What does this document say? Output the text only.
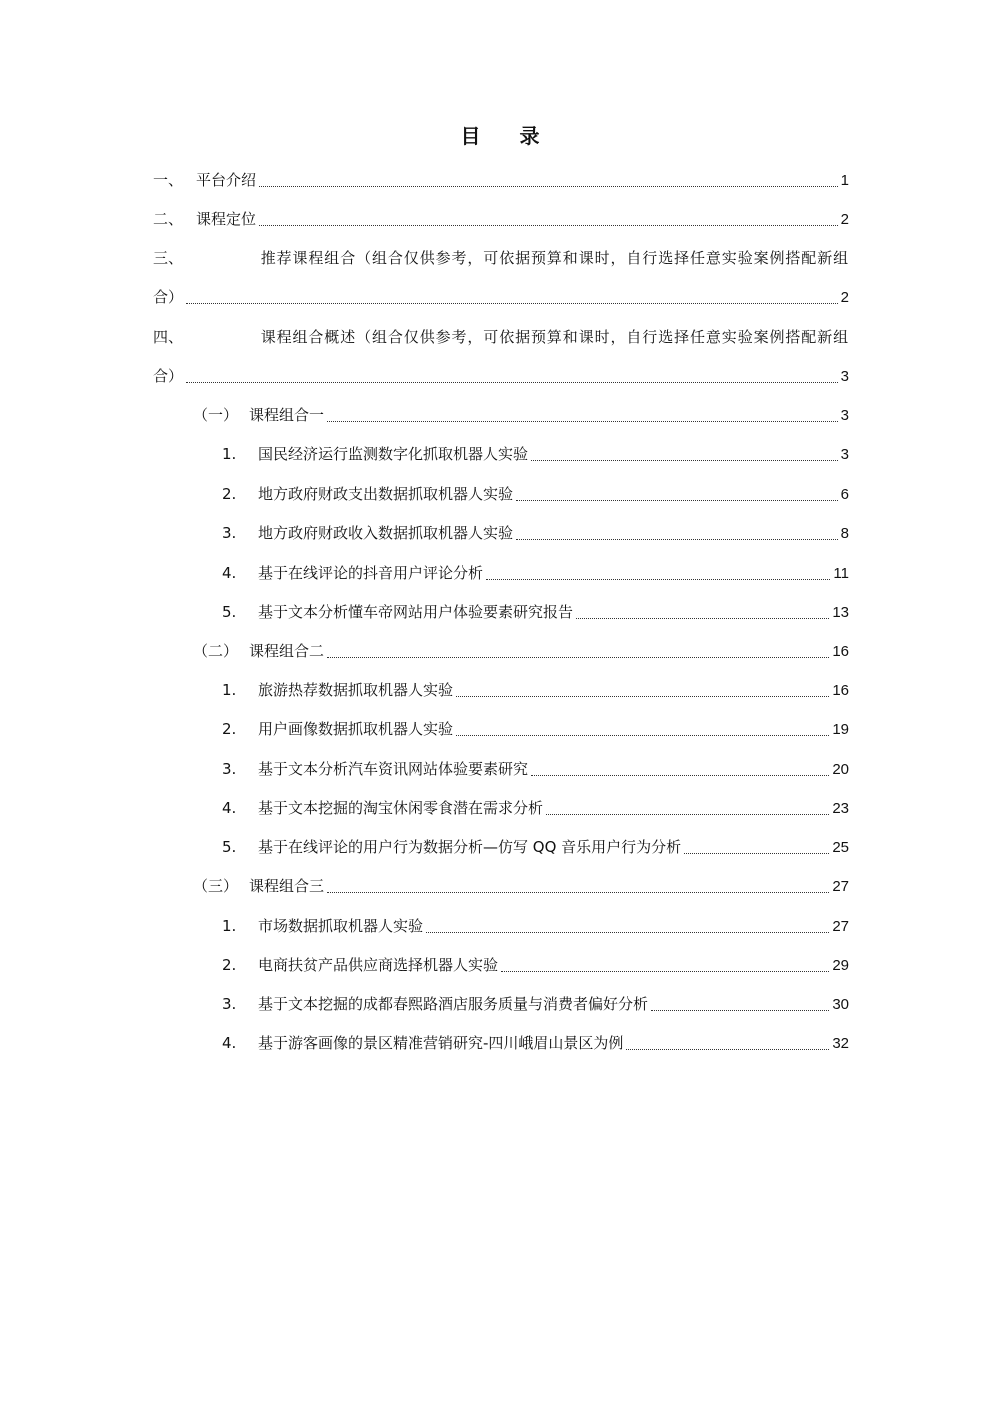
目 录
一、 平台介绍	1
二、 课程定位	2
三、	推荐课程组合（组合仅供参考，可依据预算和课时，自行选择任意实验案例搭配新组
合）	2
四、	课程组合概述（组合仅供参考，可依据预算和课时，自行选择任意实验案例搭配新组
合）	3
（一） 课程组合一	3
1.	国民经济运行监测数字化抓取机器人实验	3
2.	地方政府财政支出数据抓取机器人实验	6
3.	地方政府财政收入数据抓取机器人实验	8
4.	基于在线评论的抖音用户评论分析	11
5.	基于文本分析懂车帝网站用户体验要素研究报告	13
（二） 课程组合二	16
1.	旅游热荐数据抓取机器人实验	16
2.	用户画像数据抓取机器人实验	19
3.	基于文本分析汽车资讯网站体验要素研究	20
4.	基于文本挖掘的淘宝休闲零食潜在需求分析	23
5.	基于在线评论的用户行为数据分析—仿写 QQ 音乐用户行为分析	25
（三） 课程组合三	27
1.	市场数据抓取机器人实验	27
2.	电商扶贫产品供应商选择机器人实验	29
3.	基于文本挖掘的成都春熙路酒店服务质量与消费者偏好分析	30
4.	基于游客画像的景区精准营销研究-四川峨眉山景区为例	32
